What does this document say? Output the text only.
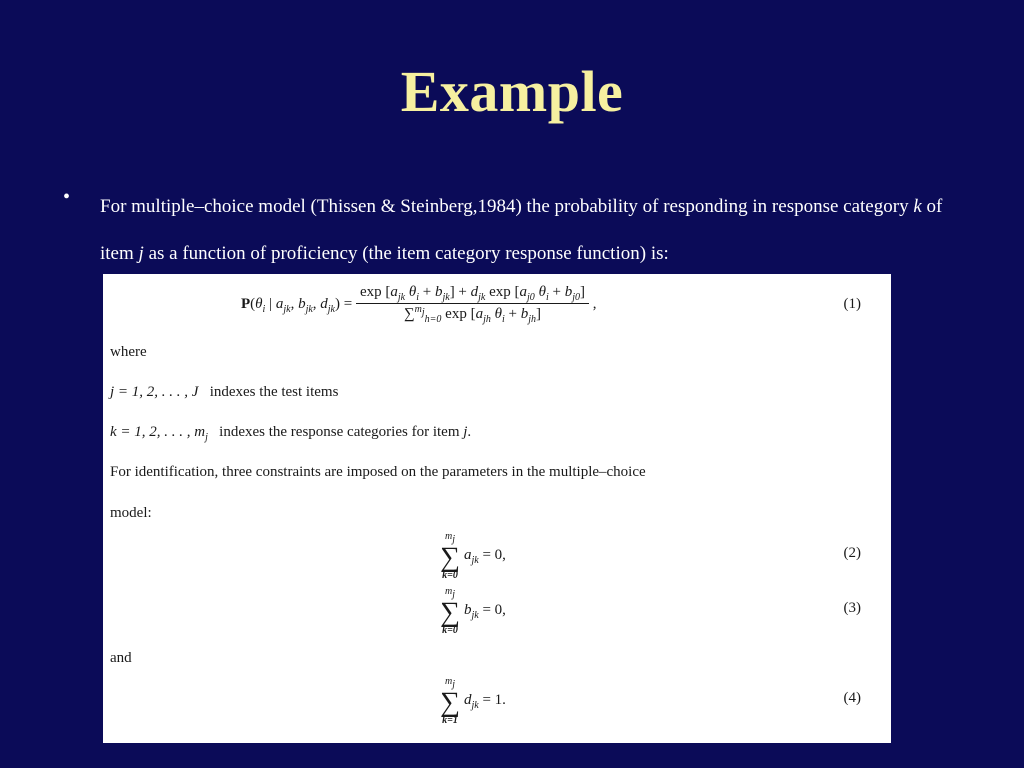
Example
• For multiple–choice model (Thissen & Steinberg,1984) the probability of responding in response category k of item j as a function of proficiency (the item category response function) is:
$P(\theta_i$ | $a_{jk}$, $b_{jk}$, $d_{jk}) = \frac{\exp [a_{jk} \theta_i + b_{jk}] + d_{jk} \exp [a_{j0} \theta_i + b_{j0}]}{\sum^{m_j}_{h=0} \exp [a_{jh} \theta_i + b_{jh}]}$ ,	(1)
where
j = 1, 2, . . . , J indexes the test items
k = 1, 2, . . . , $m_j$ indexes the response categories for item j.
For identification, three constraints are imposed on the parameters in the multiple–choice
model:
$m_j$
∑
k=0
$a_{jk} = 0$,	(2)
$m_j$
∑
k=0
$b_{jk} = 0$,	(3)
and
$m_j$
∑
k=1
$d_{jk} = 1$.	(4)
